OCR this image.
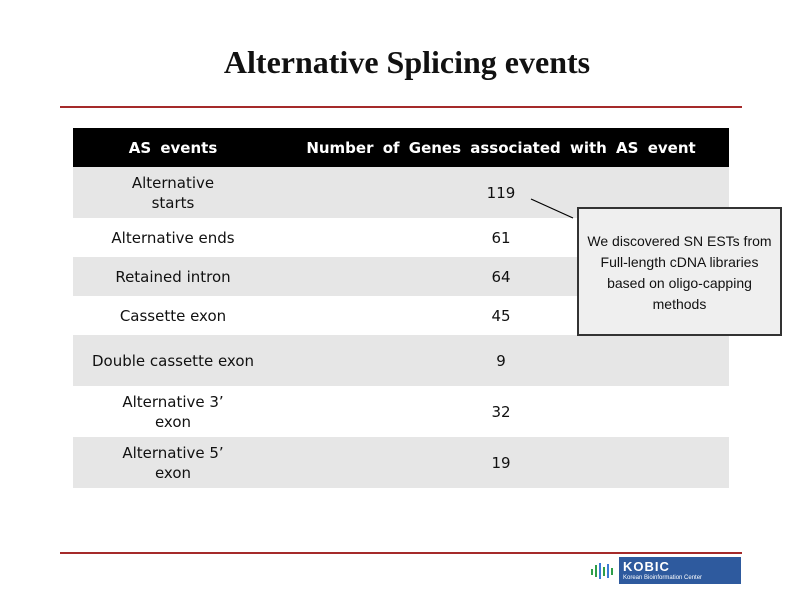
Alternative Splicing events
AS events	Number of Genes associated with AS event
Alternative starts	119
Alternative ends	61
Retained intron	64
Cassette exon	45
Double cassette exon	9
Alternative 3’ exon	32
Alternative 5’ exon	19
We discovered SN ESTs from Full-length cDNA libraries based on oligo-capping methods
KOBIC
Korean Bioinformation Center
